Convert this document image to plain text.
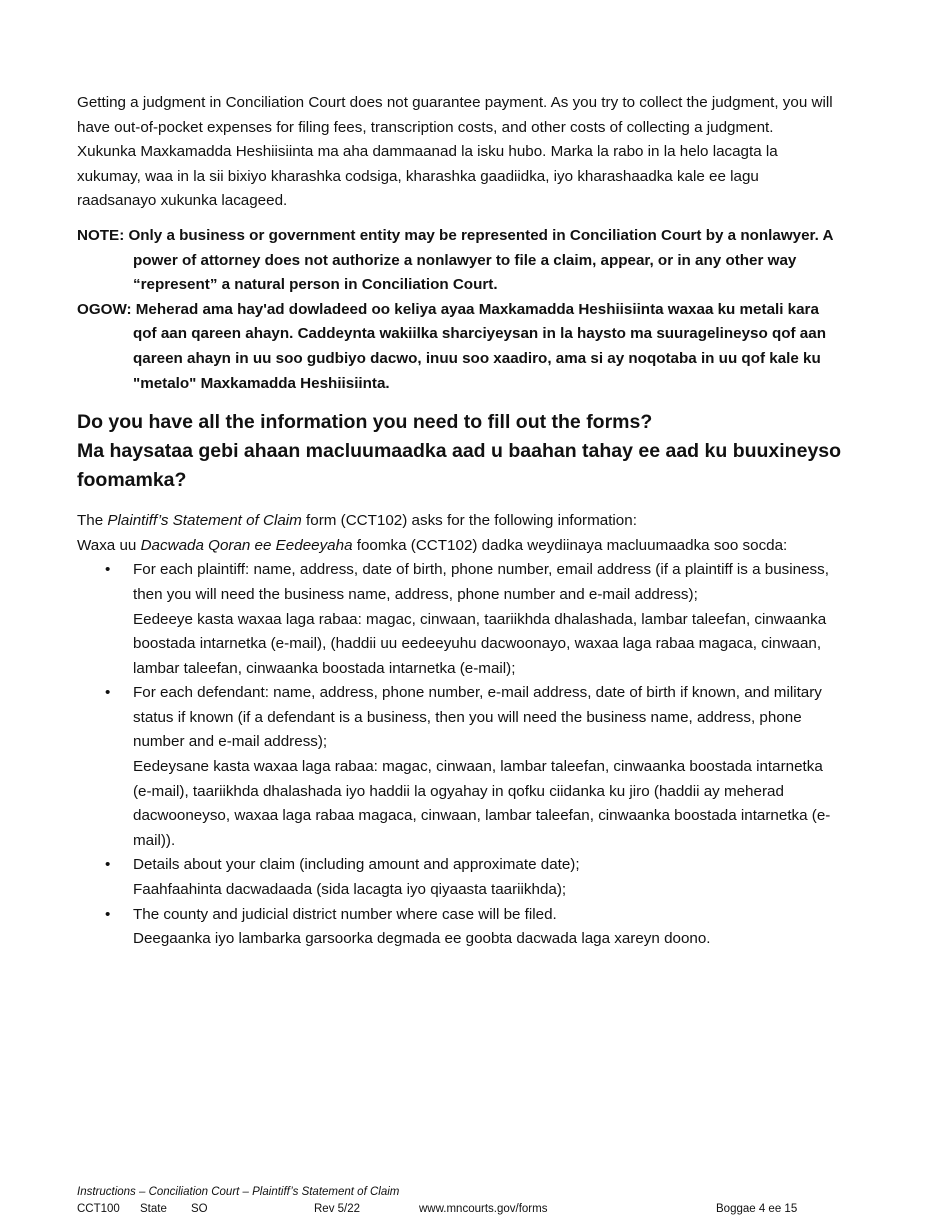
Getting a judgment in Conciliation Court does not guarantee payment. As you try to collect the judgment, you will have out-of-pocket expenses for filing fees, transcription costs, and other costs of collecting a judgment.

Xukunka Maxkamadda Heshiisiinta ma aha dammaanad la isku hubo. Marka la rabo in la helo lacagta la xukumay, waa in la sii bixiyo kharashka codsiga, kharashka gaadiidka, iyo kharashaadka kale ee lagu raadsanayo xukunka lacageed.

NOTE: Only a business or government entity may be represented in Conciliation Court by a nonlawyer. A power of attorney does not authorize a nonlawyer to file a claim, appear, or in any other way “represent” a natural person in Conciliation Court.

OGOW: Meherad ama hay'ad dowladeed oo keliya ayaa Maxkamadda Heshiisiinta waxaa ku metali kara qof aan qareen ahayn. Caddeynta wakiilka sharciyeysan in la haysto ma suuragelineyso qof aan qareen ahayn in uu soo gudbiyo dacwo, inuu soo xaadiro, ama si ay noqotaba in uu qof kale ku "metalo" Maxkamadda Heshiisiinta.

Do you have all the information you need to fill out the forms?
Ma haysataa gebi ahaan macluumaadka aad u baahan tahay ee aad ku buuxineyso foomamka?

The Plaintiff’s Statement of Claim form (CCT102) asks for the following information:

Waxa uu Dacwada Qoran ee Eedeeyaha foomka (CCT102) dadka weydiinaya macluumaadka soo socda:

• For each plaintiff: name, address, date of birth, phone number, email address (if a plaintiff is a business, then you will need the business name, address, phone number and e-mail address);
Eedeeye kasta waxaa laga rabaa: magac, cinwaan, taariikhda dhalashada, lambar taleefan, cinwaanka boostada intarnetka (e-mail), (haddii uu eedeeyuhu dacwoonayo, waxaa laga rabaa magaca, cinwaan, lambar taleefan, cinwaanka boostada intarnetka (e-mail);
• For each defendant: name, address, phone number, e-mail address, date of birth if known, and military status if known (if a defendant is a business, then you will need the business name, address, phone number and e-mail address);
Eedeysane kasta waxaa laga rabaa: magac, cinwaan, lambar taleefan, cinwaanka boostada intarnetka (e-mail), taariikhda dhalashada iyo haddii la ogyahay in qofku ciidanka ku jiro (haddii ay meherad dacwooneyso, waxaa laga rabaa magaca, cinwaan, lambar taleefan, cinwaanka boostada intarnetka (e-mail)).
• Details about your claim (including amount and approximate date);
Faahfaahinta dacwadaada (sida lacagta iyo qiyaasta taariikhda);
• The county and judicial district number where case will be filed.
Deegaanka iyo lambarka garsoorka degmada ee goobta dacwada laga xareyn doono.
Instructions – Conciliation Court – Plaintiff’s Statement of Claim
CCT100 State SO	Rev 5/22	www.mncourts.gov/forms	Boggae 4 ee 15
